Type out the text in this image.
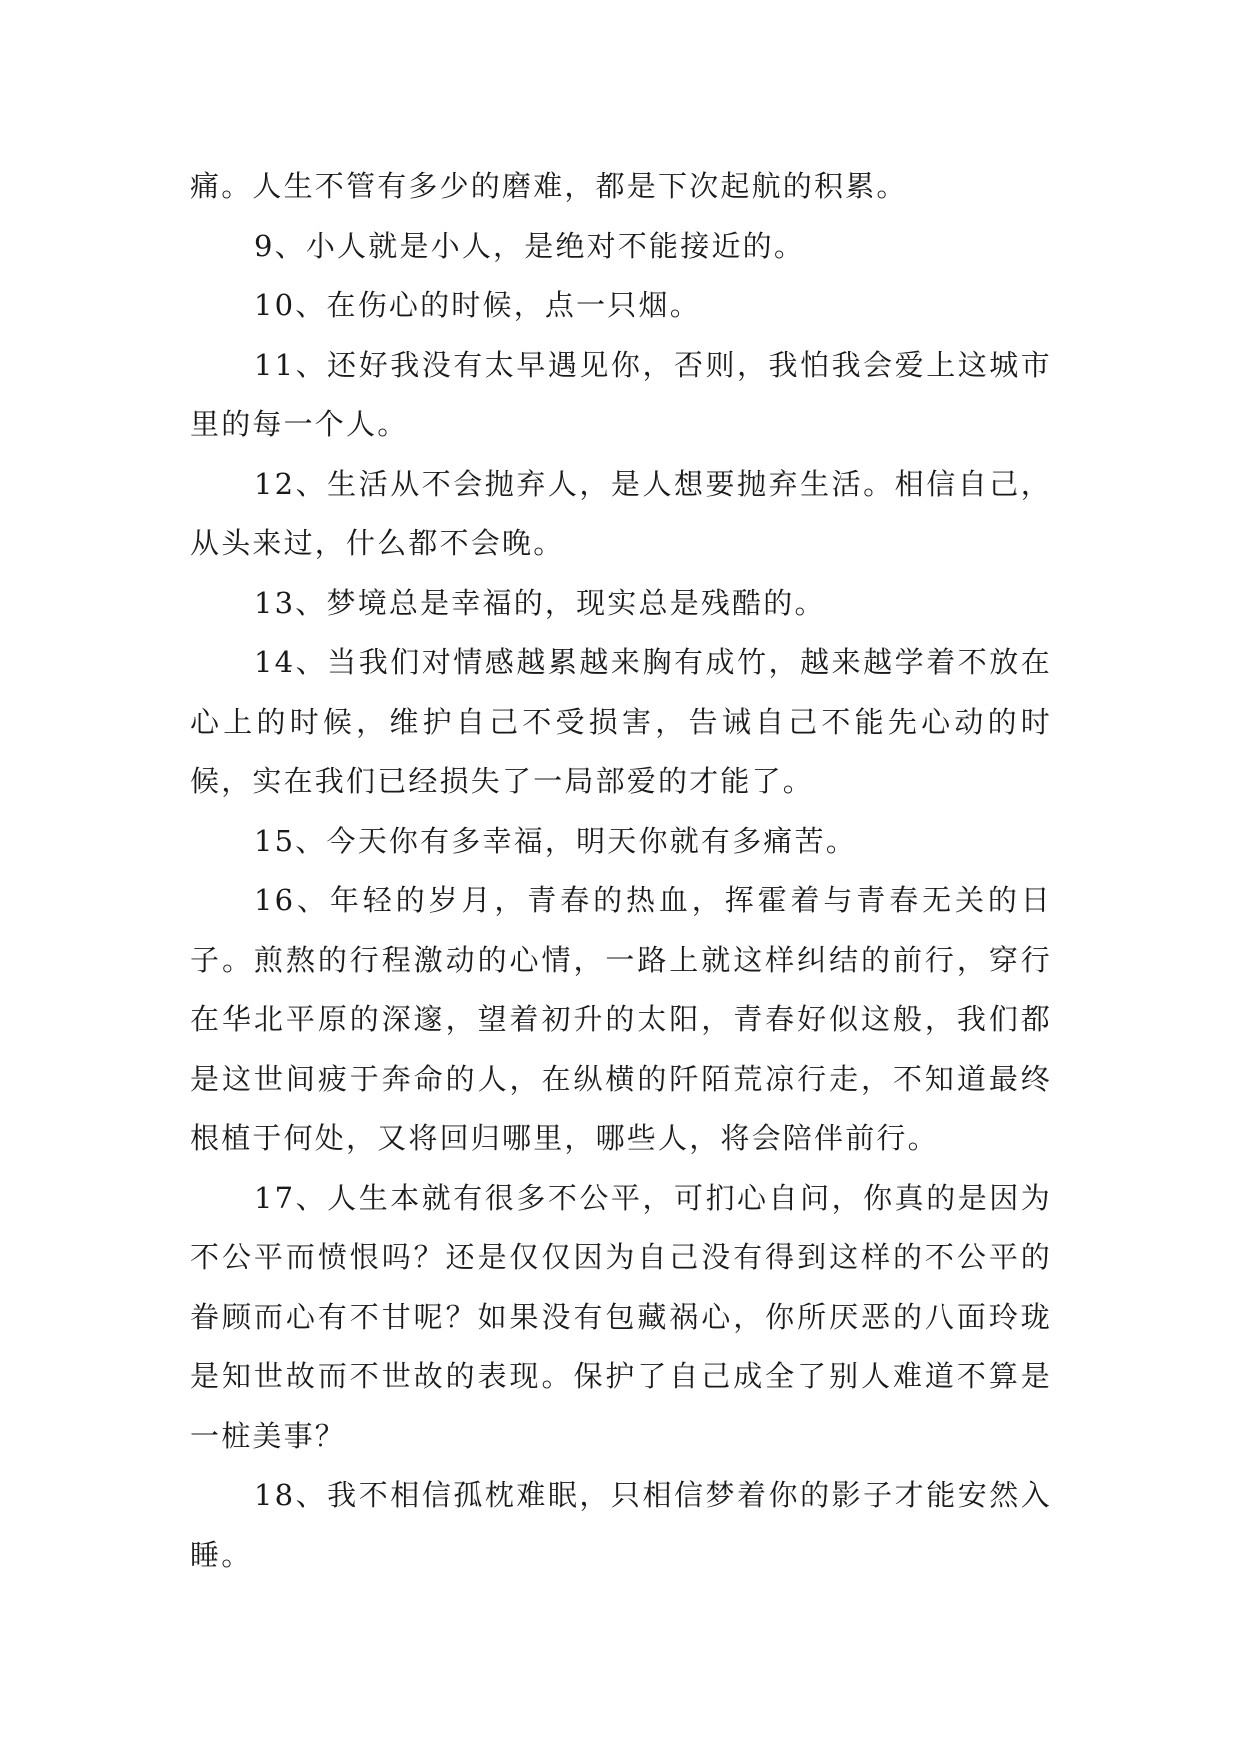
痛。人生不管有多少的磨难，都是下次起航的积累。

9、小人就是小人，是绝对不能接近的。

10、在伤心的时候，点一只烟。

11、还好我没有太早遇见你，否则，我怕我会爱上这城市里的每一个人。

12、生活从不会抛弃人，是人想要抛弃生活。相信自己，从头来过，什么都不会晚。

13、梦境总是幸福的，现实总是残酷的。

14、当我们对情感越累越来胸有成竹，越来越学着不放在心上的时候，维护自己不受损害，告诫自己不能先心动的时候，实在我们已经损失了一局部爱的才能了。

15、今天你有多幸福，明天你就有多痛苦。

16、年轻的岁月，青春的热血，挥霍着与青春无关的日子。煎熬的行程激动的心情，一路上就这样纠结的前行，穿行在华北平原的深邃，望着初升的太阳，青春好似这般，我们都是这世间疲于奔命的人，在纵横的阡陌荒凉行走，不知道最终根植于何处，又将回归哪里，哪些人，将会陪伴前行。

17、人生本就有很多不公平，可扪心自问，你真的是因为不公平而愤恨吗？还是仅仅因为自己没有得到这样的不公平的眷顾而心有不甘呢？如果没有包藏祸心，你所厌恶的八面玲珑是知世故而不世故的表现。保护了自己成全了别人难道不算是一桩美事？

18、我不相信孤枕难眠，只相信梦着你的影子才能安然入睡。
